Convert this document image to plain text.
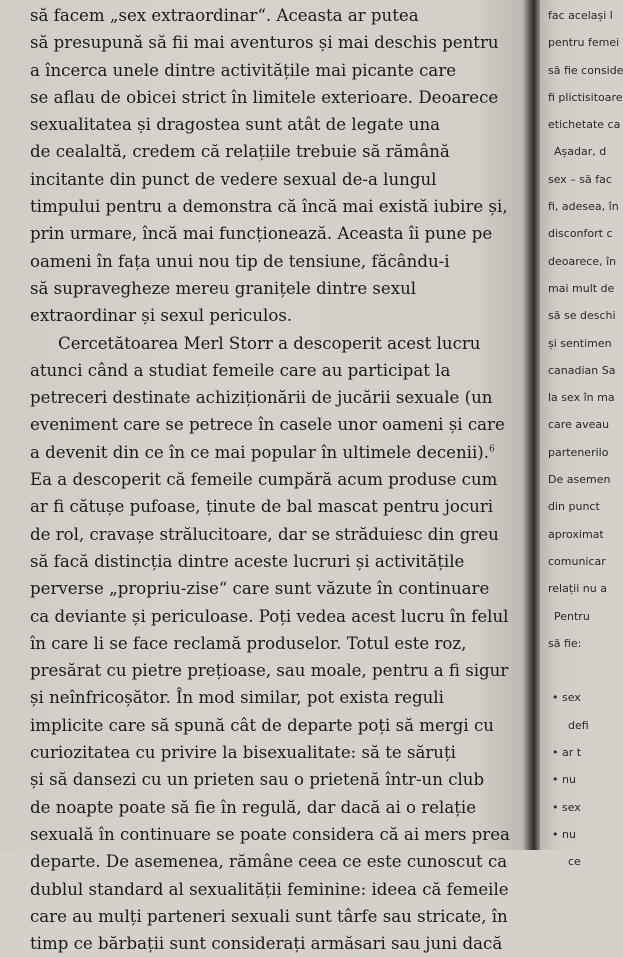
să facem „sex extraordinar“. Aceasta ar putea
să presupună să fii mai aventuros și mai deschis pentru
a încerca unele dintre activitățile mai picante care
se aflau de obicei strict în limitele exterioare. Deoarece
sexualitatea și dragostea sunt atât de legate una
de cealaltă, credem că relațiile trebuie să rămână
incitante din punct de vedere sexual de-a lungul
timpului pentru a demonstra că încă mai există iubire și,
prin urmare, încă mai funcționează. Aceasta îi pune pe
oameni în fața unui nou tip de tensiune, făcându-i
să supravegheze mereu granițele dintre sexul
extraordinar și sexul periculos.
Cercetătoarea Merl Storr a descoperit acest lucru
atunci când a studiat femeile care au participat la
petreceri destinate achiziționării de jucării sexuale (un
eveniment care se petrece în casele unor oameni și care
a devenit din ce în ce mai popular în ultimele decenii).$^6$
Ea a descoperit că femeile cumpără acum produse cum
ar fi cătușe pufoase, ținute de bal mascat pentru jocuri
de rol, cravașe strălucitoare, dar se străduiesc din greu
să facă distincția dintre aceste lucruri și activitățile
perverse „propriu-zise“ care sunt văzute în continuare
ca deviante și periculoase. Poți vedea acest lucru în felul
în care li se face reclamă produselor. Totul este roz,
presărat cu pietre prețioase, sau moale, pentru a fi sigur
și neînfricoșător. În mod similar, pot exista reguli
implicite care să spună cât de departe poți să mergi cu
curiozitatea cu privire la bisexualitate: să te săruți
și să dansezi cu un prieten sau o prietenă într-un club
de noapte poate să fie în regulă, dar dacă ai o relație
sexuală în continuare se poate considera că ai mers prea
departe. De asemenea, rămâne ceea ce este cunoscut ca
dublul standard al sexualității feminine: ideea că femeile
care au mulți parteneri sexuali sunt târfe sau stricate, în
timp ce bărbații sunt considerați armăsari sau juni dacă
fac același l
pentru femei
să fie conside
fi plictisitoare
etichetate ca
Așadar, d
sex – să fac
fi, adesea, în
disconfort c
deoarece, în
mai mult de
să se deschi
și sentimen
canadian Sa
la sex în ma
care aveau
partenerilo
De asemen
din punct
aproximat
comunicar
relații nu a
Pentru
să fie:
• sex
defi
• ar t
• nu
• sex
• nu
ce
